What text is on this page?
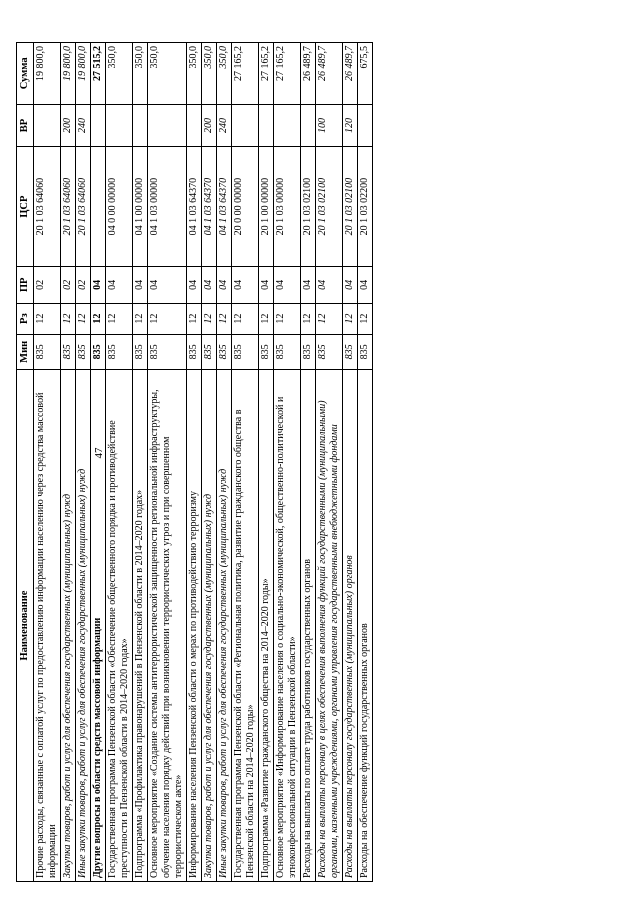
47
Наименование	Мин	Рз	ПР	ЦСР	ВР	Сумма
Прочие расходы, связанные с оплатой услуг по предоставлению информации населению через средства массовой информации	835	12	02	20 1 03 64060		19 800,0
Закупка товаров, работ и услуг для обеспечения государственных (муниципальных) нужд	835	12	02	20 1 03 64060	200	19 800,0
Иные закупки товаров, работ и услуг для обеспечения государственных (муниципальных) нужд	835	12	02	20 1 03 64060	240	19 800,0
Другие вопросы в области средств массовой информации	835	12	04			27 515,2
Государственная программа Пензенской области «Обеспечение общественного порядка и противодействие преступности в Пензенской области в 2014–2020 годах»	835	12	04	04 0 00 00000		350,0
Подпрограмма «Профилактика правонарушений в Пензенской области в 2014–2020 годах»	835	12	04	04 1 00 00000		350,0
Основное мероприятие «Создание системы антитеррористической защищенности региональной инфраструктуры, обучение населения порядку действий при возникновении террористических угроз и при совершенном террористическом акте»	835	12	04	04 1 03 00000		350,0
Информирование населения Пензенской области о мерах по противодействию терроризму	835	12	04	04 1 03 64370		350,0
Закупка товаров, работ и услуг для обеспечения государственных (муниципальных) нужд	835	12	04	04 1 03 64370	200	350,0
Иные закупки товаров, работ и услуг для обеспечения государственных (муниципальных) нужд	835	12	04	04 1 03 64370	240	350,0
Государственная программа Пензенской области «Региональная политика, развитие гражданского общества в Пензенской области на 2014–2020 годы»	835	12	04	20 0 00 00000		27 165,2
Подпрограмма «Развитие гражданского общества на 2014–2020 годы»	835	12	04	20 1 00 00000		27 165,2
Основное мероприятие «Информирование населения о социально-экономической, общественно-политической и этноконфессиональной ситуации в Пензенской области»	835	12	04	20 1 03 00000		27 165,2
Расходы на выплаты по оплате труда работников государственных органов	835	12	04	20 1 03 02100		26 489,7
Расходы на выплаты персоналу в целях обеспечения выполнения функций государственными (муниципальными) органами, казенными учреждениями, органами управления государственными внебюджетными фондами	835	12	04	20 1 03 02100	100	26 489,7
Расходы на выплаты персоналу государственных (муниципальных) органов	835	12	04	20 1 03 02100	120	26 489,7
Расходы на обеспечение функций государственных органов	835	12	04	20 1 03 02200		675,5
